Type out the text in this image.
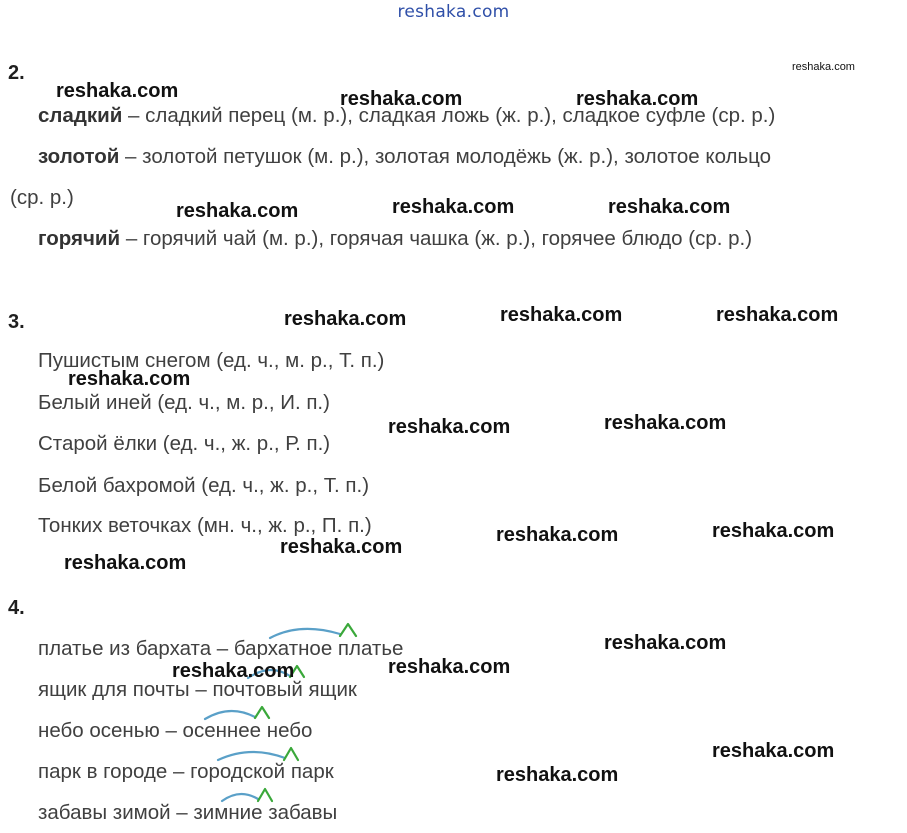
reshaka.com
reshaka.com
2.
сладкий – сладкий перец (м. р.), сладкая ложь (ж. р.), сладкое суфле (ср. р.)
золотой – золотой петушок (м. р.), золотая молодёжь (ж. р.), золотое кольцо
(ср. р.)
горячий – горячий чай (м. р.), горячая чашка (ж. р.), горячее блюдо (ср. р.)
3.
Пушистым снегом (ед. ч., м. р., Т. п.)
Белый иней (ед. ч., м. р., И. п.)
Старой ёлки (ед. ч., ж. р., Р. п.)
Белой бахромой (ед. ч., ж. р., Т. п.)
Тонких веточках (мн. ч., ж. р., П. п.)
4.
платье из бархата – бархатное платье
ящик для почты – почтовый ящик
небо осенью – осеннее небо
парк в городе – городской парк
забавы зимой – зимние забавы
reshaka.com	reshaka.com	reshaka.com
reshaka.com	reshaka.com	reshaka.com
reshaka.com	reshaka.com	reshaka.com
reshaka.com
reshaka.com	reshaka.com
reshaka.com
reshaka.com	reshaka.com
reshaka.com
reshaka.com
reshaka.com	reshaka.com
reshaka.com
reshaka.com
